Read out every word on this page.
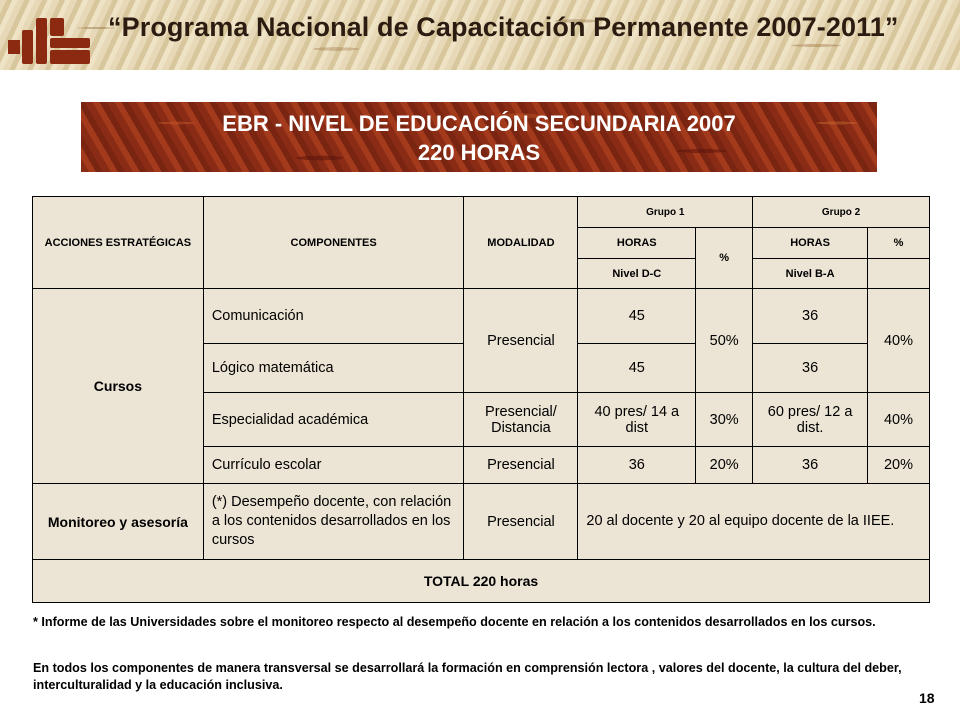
“Programa Nacional de Capacitación Permanente 2007-2011”
EBR - NIVEL DE EDUCACIÓN SECUNDARIA 2007
220 HORAS
ACCIONES ESTRATÉGICAS	COMPONENTES	MODALIDAD	Grupo 1		Grupo 2	
			HORAS	%	HORAS	%
			Nivel D-C		Nivel B-A	
Cursos	Comunicación	Presencial	45	50%	36	40%
	Lógico matemática		45		36	
	Especialidad académica	Presencial/ Distancia	40 pres/ 14 a dist	30%	60 pres/ 12 a dist.	40%
	Currículo escolar	Presencial	36	20%	36	20%
Monitoreo y asesoría	(*) Desempeño docente, con relación a los contenidos desarrollados en los cursos	Presencial	20 al docente y 20 al equipo docente de la IIEE.			
TOTAL 220 horas						
* Informe de las Universidades sobre el monitoreo respecto al desempeño docente en relación a los contenidos desarrollados en los cursos.
En todos los componentes de manera transversal se desarrollará la formación en comprensión lectora , valores del docente, la cultura del deber, interculturalidad y la educación inclusiva.
18
